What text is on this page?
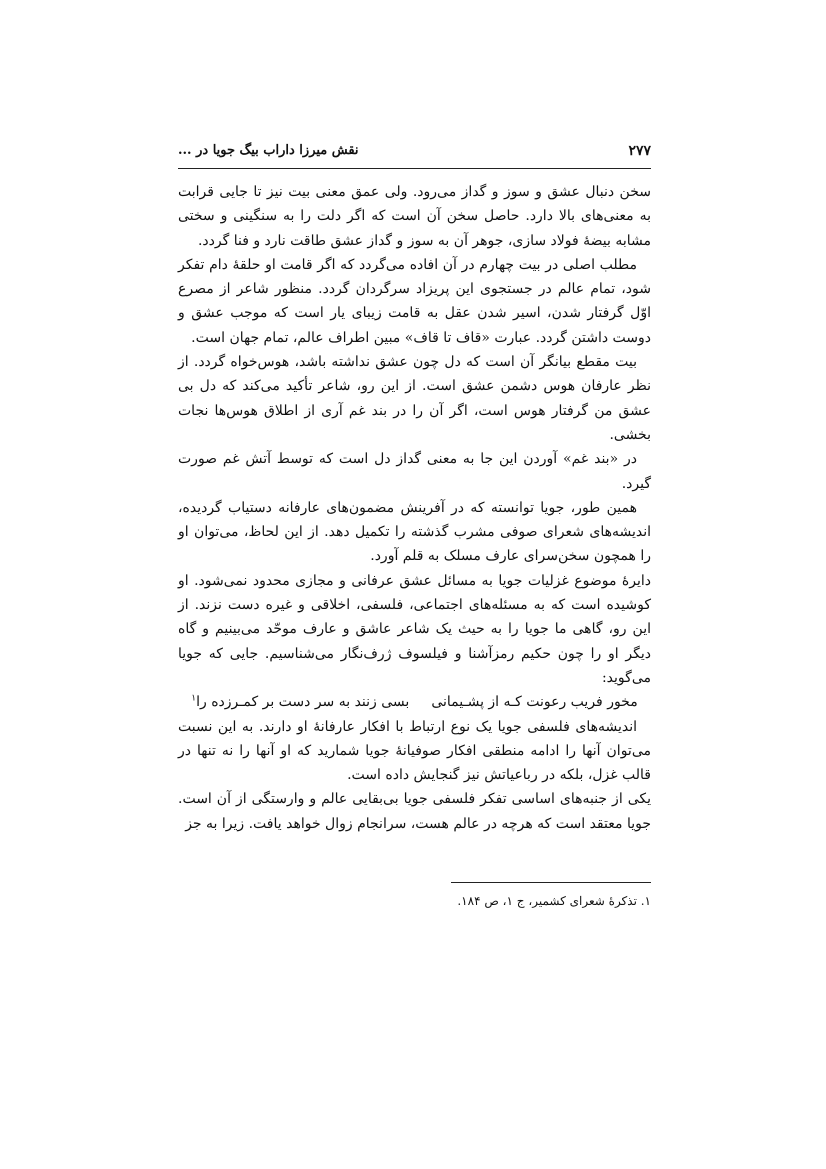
۲۷۷
نقش میرزا داراب بیگ جویا در ...

سخن دنبال عشق و سوز و گداز می‌رود. ولی عمق معنی بیت نیز تا جایی قرابت به معنی‌های بالا دارد. حاصل سخن آن است که اگر دلت را به سنگینی و سختی مشابه بیضهٔ فولاد سازی، جوهر آن به سوز و گداز عشق طاقت نارد و فنا گردد.

مطلب اصلی در بیت چهارم در آن افاده می‌گردد که اگر قامت او حلقهٔ دام تفکر شود، تمام عالم در جستجوی این پریزاد سرگردان گردد. منظور شاعر از مصرع اوّل گرفتار شدن، اسیر شدن عقل به قامت زیبای یار است که موجب عشق و دوست داشتن گردد. عبارت «قاف تا قاف» مبین اطراف عالم، تمام جهان است.

بیت مقطع بیانگر آن است که دل چون عشق نداشته باشد، هوس‌خواه گردد. از نظر عارفان هوس دشمن عشق است. از این رو، شاعر تأکید می‌کند که دل بی عشق من گرفتار هوس است، اگر آن را در بند غم آری از اطلاق هوس‌ها نجات بخشی.

در «بند غم» آوردن این جا به معنی گداز دل است که توسط آتش غم صورت گیرد.

همین طور، جویا توانسته که در آفرینش مضمون‌های عارفانه دستیاب گردیده، اندیشه‌های شعرای صوفی مشرب گذشته را تکمیل دهد. از این لحاظ، می‌توان او را همچون سخن‌سرای عارف مسلک به قلم آورد.

دایرهٔ موضوع غزلیات جویا به مسائل عشق عرفانی و مجازی محدود نمی‌شود. او کوشیده است که به مسئله‌های اجتماعی، فلسفی، اخلاقی و غیره دست نزند. از این رو، گاهی ما جویا را به حیث یک شاعر عاشق و عارف موحّد می‌بینیم و گاه دیگر او را چون حکیم رمزآشنا و فیلسوف ژرف‌نگار می‌شناسیم. جایی که جویا می‌گوید:

مخور فریب رعونت کـه از پشـیمانی
بسی زنند به سر دست بر کمـرزده را$^۱$

اندیشه‌های فلسفی جویا یک نوع ارتباط با افکار عارفانهٔ او دارند. به این نسبت می‌توان آنها را ادامه منطقی افکار صوفیانهٔ جویا شمارید که او آنها را نه تنها در قالب غزل، بلکه در رباعیاتش نیز گنجایش داده است.

یکی از جنبه‌های اساسی تفکر فلسفی جویا بی‌بقایی عالم و وارستگی از آن است. جویا معتقد است که هرچه در عالم هست، سرانجام زوال خواهد یافت. زیرا به جز

۱. تذکرهٔ شعرای کشمیر، ج ۱، ص ۱۸۴.
